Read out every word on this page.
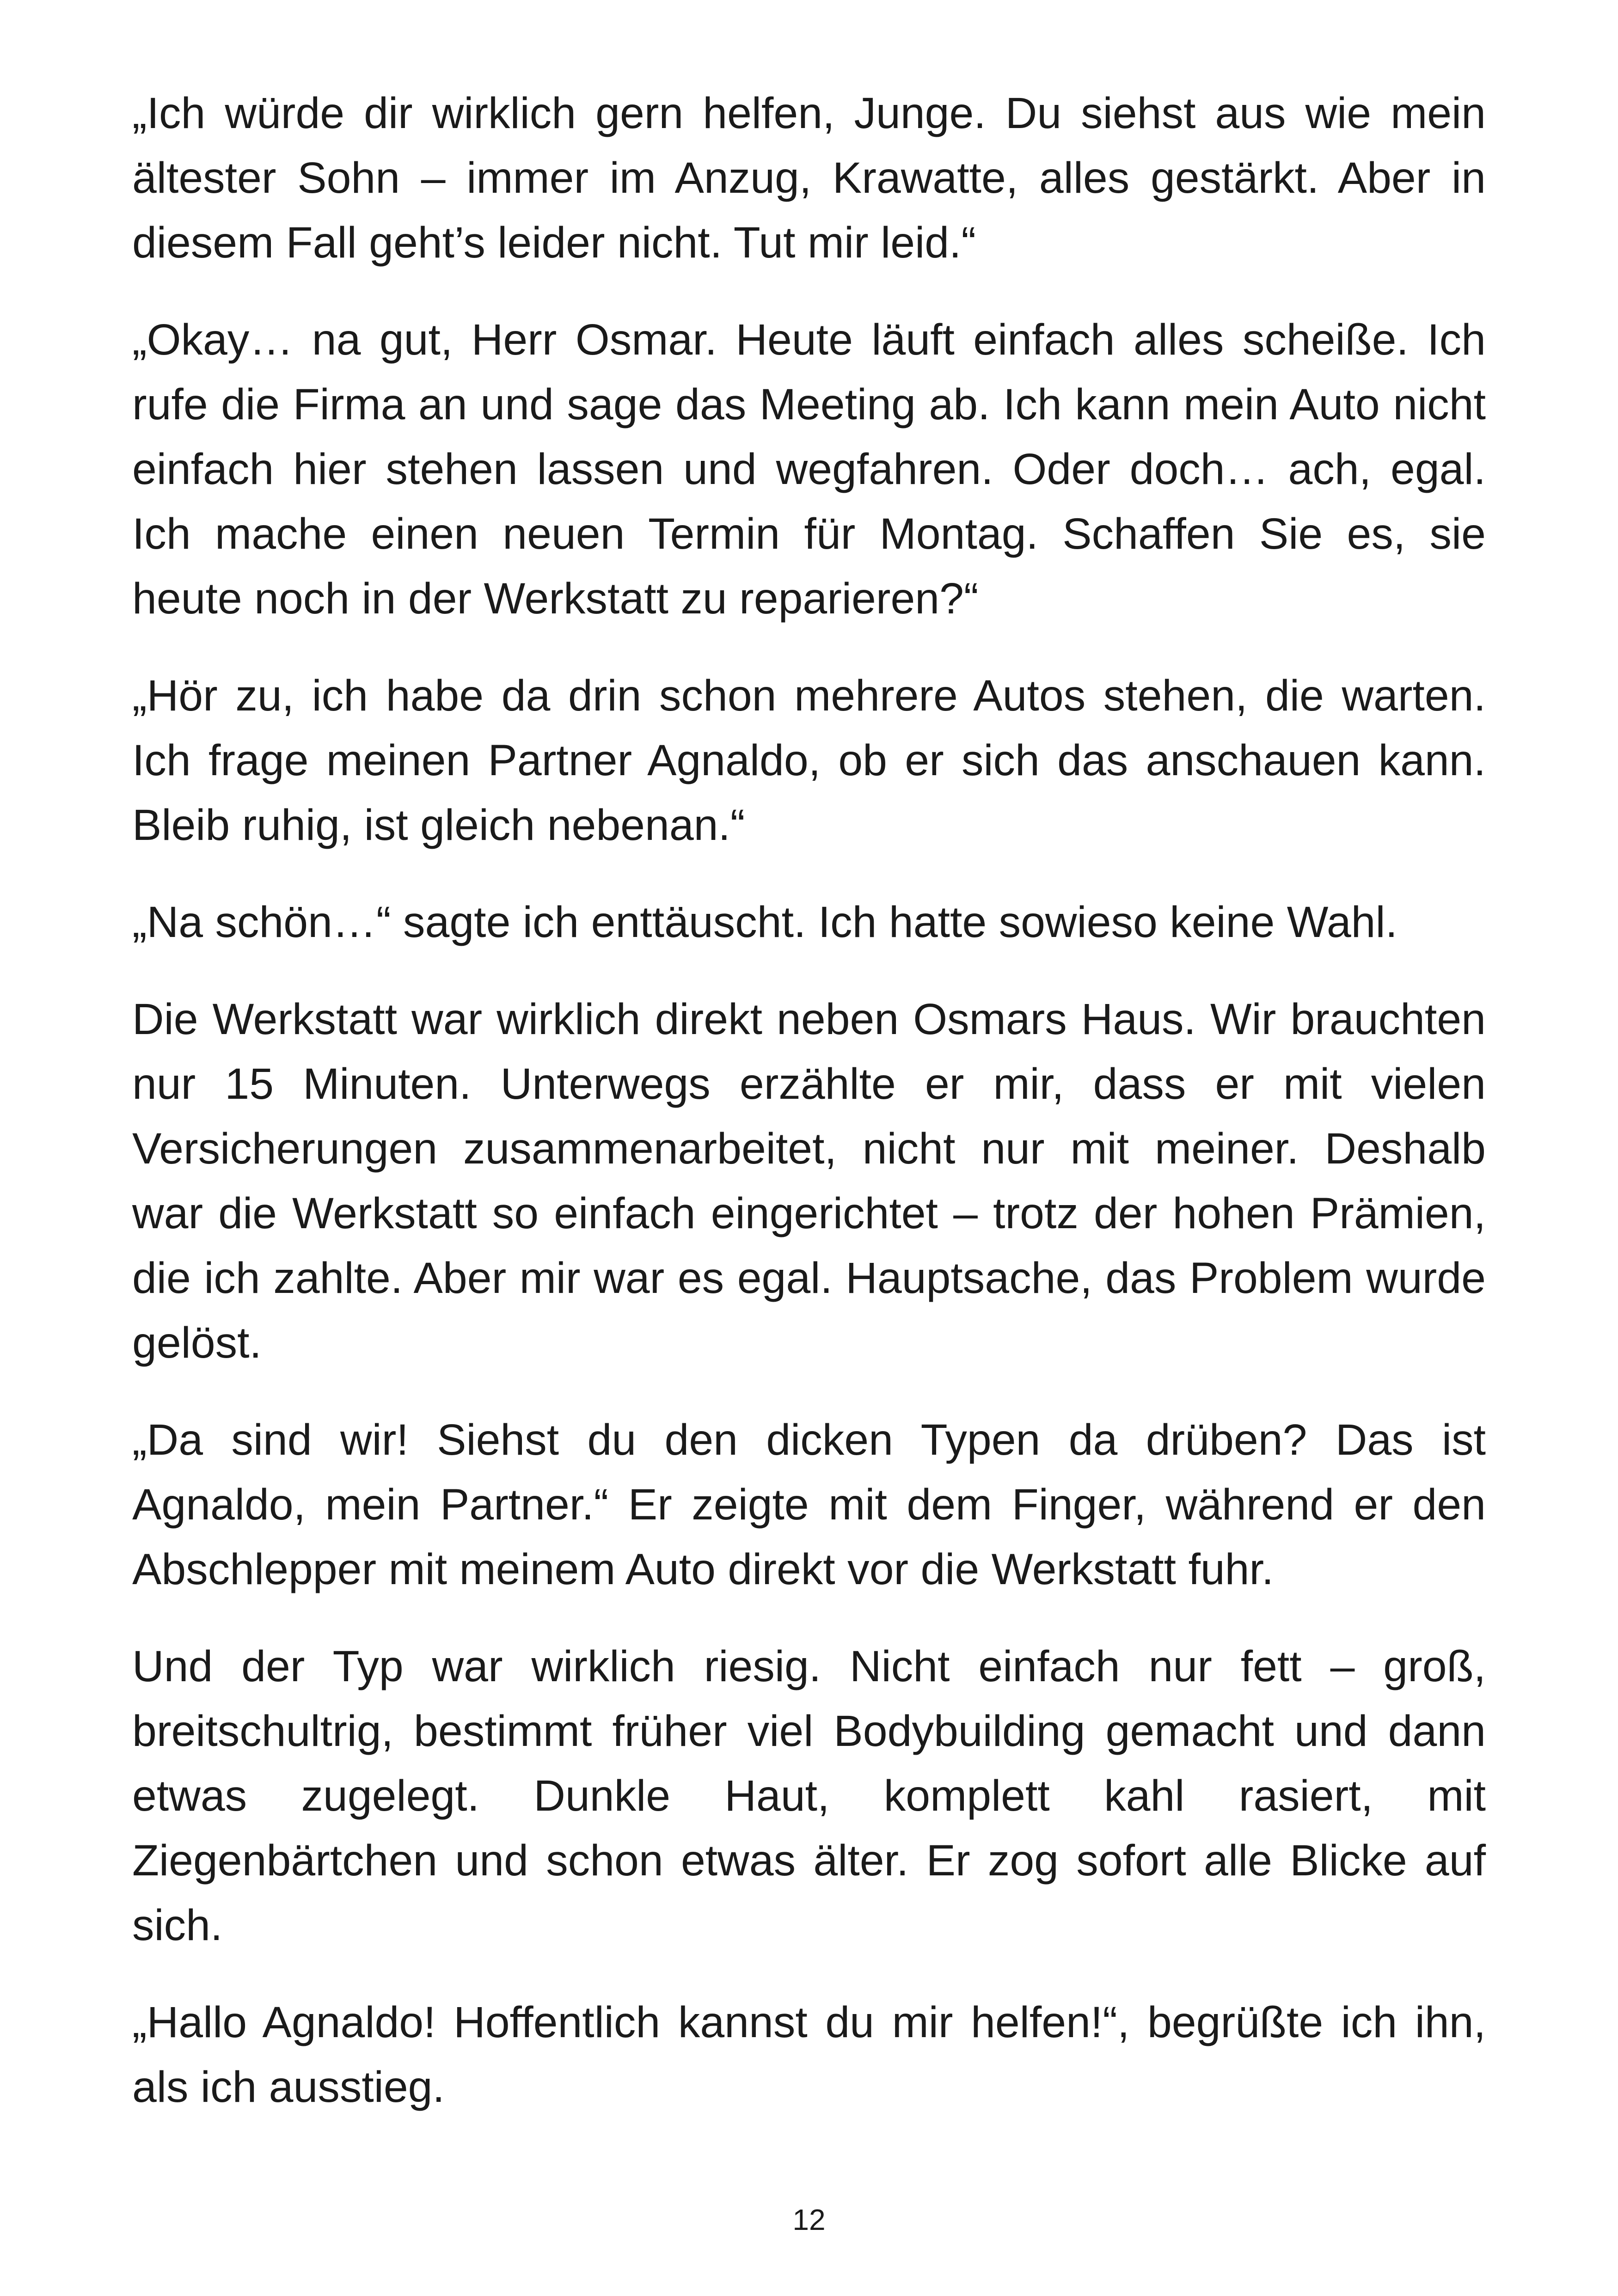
„Ich würde dir wirklich gern helfen, Junge. Du siehst aus wie mein ältester Sohn – immer im Anzug, Krawatte, alles gestärkt. Aber in diesem Fall geht’s leider nicht. Tut mir leid.“

„Okay… na gut, Herr Osmar. Heute läuft einfach alles scheiße. Ich rufe die Firma an und sage das Meeting ab. Ich kann mein Auto nicht einfach hier stehen lassen und wegfahren. Oder doch… ach, egal. Ich mache einen neuen Termin für Montag. Schaffen Sie es, sie heute noch in der Werkstatt zu reparieren?“

„Hör zu, ich habe da drin schon mehrere Autos stehen, die warten. Ich frage meinen Partner Agnaldo, ob er sich das anschauen kann. Bleib ruhig, ist gleich nebenan.“

„Na schön…“ sagte ich enttäuscht. Ich hatte sowieso keine Wahl.

Die Werkstatt war wirklich direkt neben Osmars Haus. Wir brauchten nur 15 Minuten. Unterwegs erzählte er mir, dass er mit vielen Versicherungen zusammenarbeitet, nicht nur mit meiner. Deshalb war die Werkstatt so einfach eingerichtet – trotz der hohen Prämien, die ich zahlte. Aber mir war es egal. Hauptsache, das Problem wurde gelöst.

„Da sind wir! Siehst du den dicken Typen da drüben? Das ist Agnaldo, mein Partner.“ Er zeigte mit dem Finger, während er den Abschlepper mit meinem Auto direkt vor die Werkstatt fuhr.

Und der Typ war wirklich riesig. Nicht einfach nur fett – groß, breitschultrig, bestimmt früher viel Bodybuilding gemacht und dann etwas zugelegt. Dunkle Haut, komplett kahl rasiert, mit Ziegenbärtchen und schon etwas älter. Er zog sofort alle Blicke auf sich.

„Hallo Agnaldo! Hoffentlich kannst du mir helfen!“, begrüßte ich ihn, als ich ausstieg.

12
